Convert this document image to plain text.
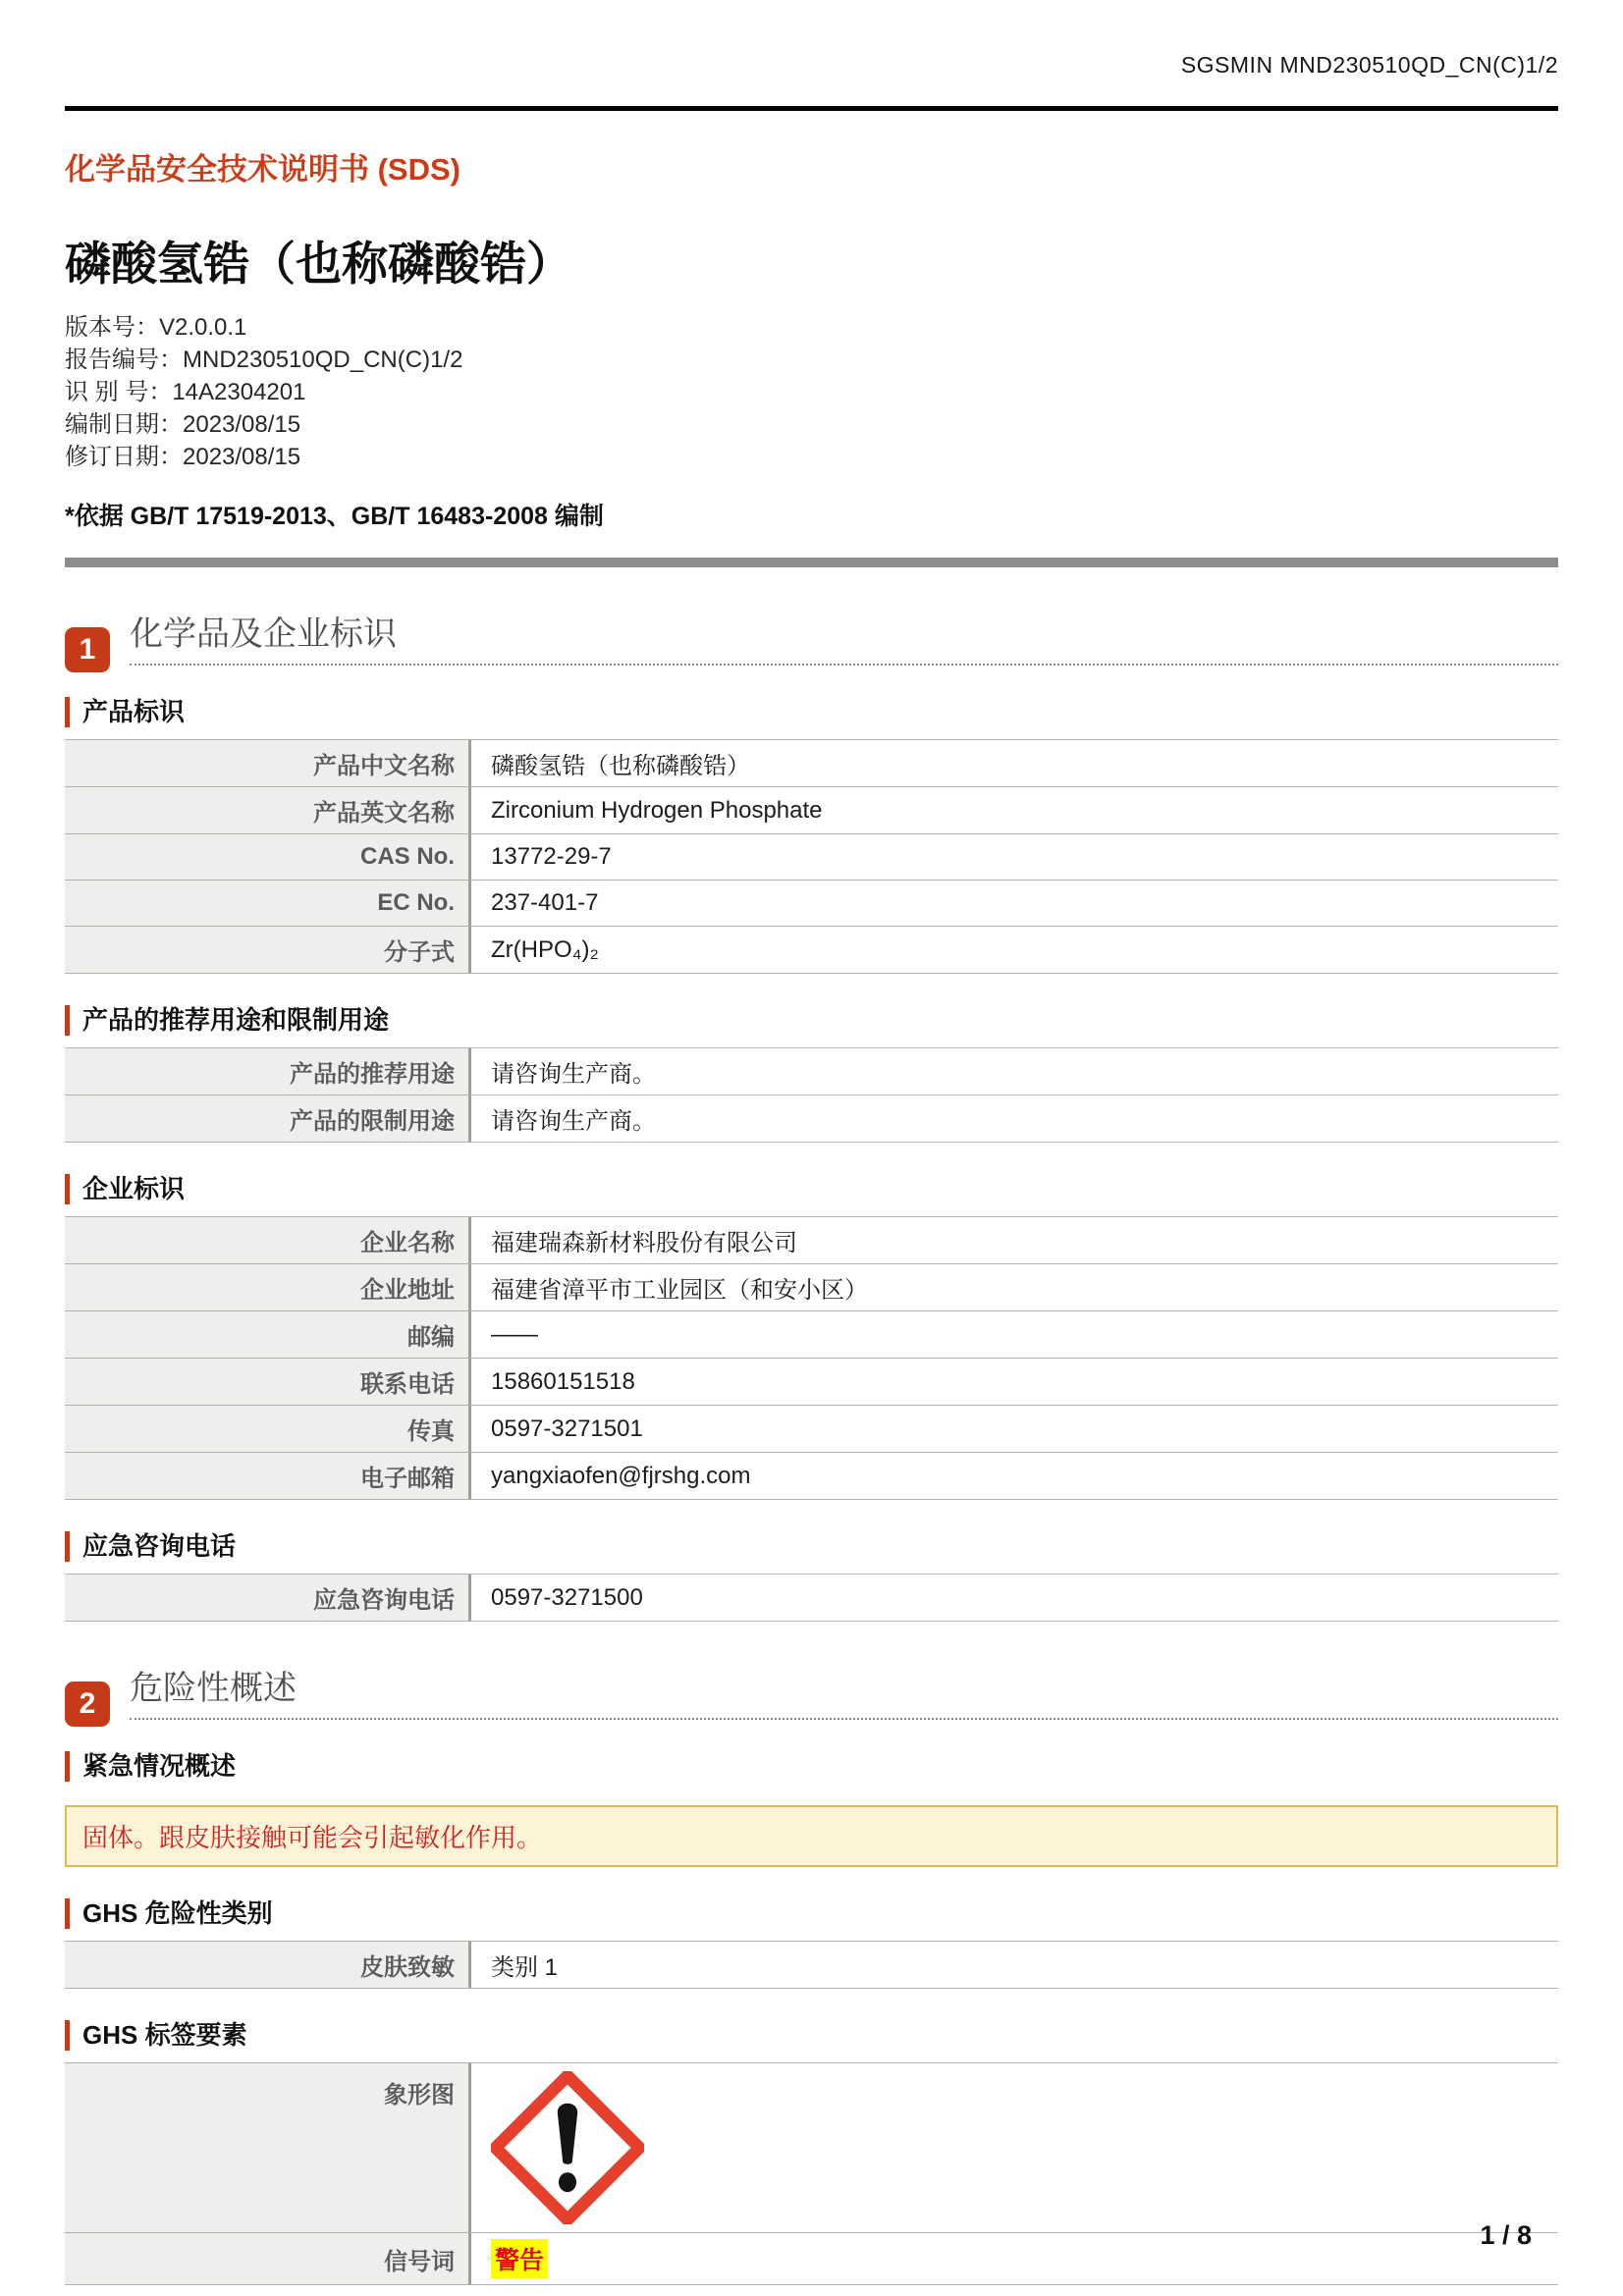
SGSMIN MND230510QD_CN(C)1/2
化学品安全技术说明书 (SDS)
磷酸氢锆（也称磷酸锆）
版本号：V2.0.0.1
报告编号：MND230510QD_CN(C)1/2
识 别 号：14A2304201
编制日期：2023/08/15
修订日期：2023/08/15
*依据 GB/T 17519-2013、GB/T 16483-2008 编制
1	化学品及企业标识
产品标识
产品中文名称	磷酸氢锆（也称磷酸锆）
产品英文名称	Zirconium Hydrogen Phosphate
CAS No.	13772-29-7
EC No.	237-401-7
分子式	Zr(HPO₄)₂
产品的推荐用途和限制用途
产品的推荐用途	请咨询生产商。
产品的限制用途	请咨询生产商。
企业标识
企业名称	福建瑞森新材料股份有限公司
企业地址	福建省漳平市工业园区（和安小区）
邮编	——
联系电话	15860151518
传真	0597-3271501
电子邮箱	yangxiaofen@fjrshg.com
应急咨询电话
应急咨询电话	0597-3271500
2	危险性概述
紧急情况概述
固体。跟皮肤接触可能会引起敏化作用。
GHS 危险性类别
皮肤致敏	类别 1
GHS 标签要素
象形图
信号词	警告
1 / 8
